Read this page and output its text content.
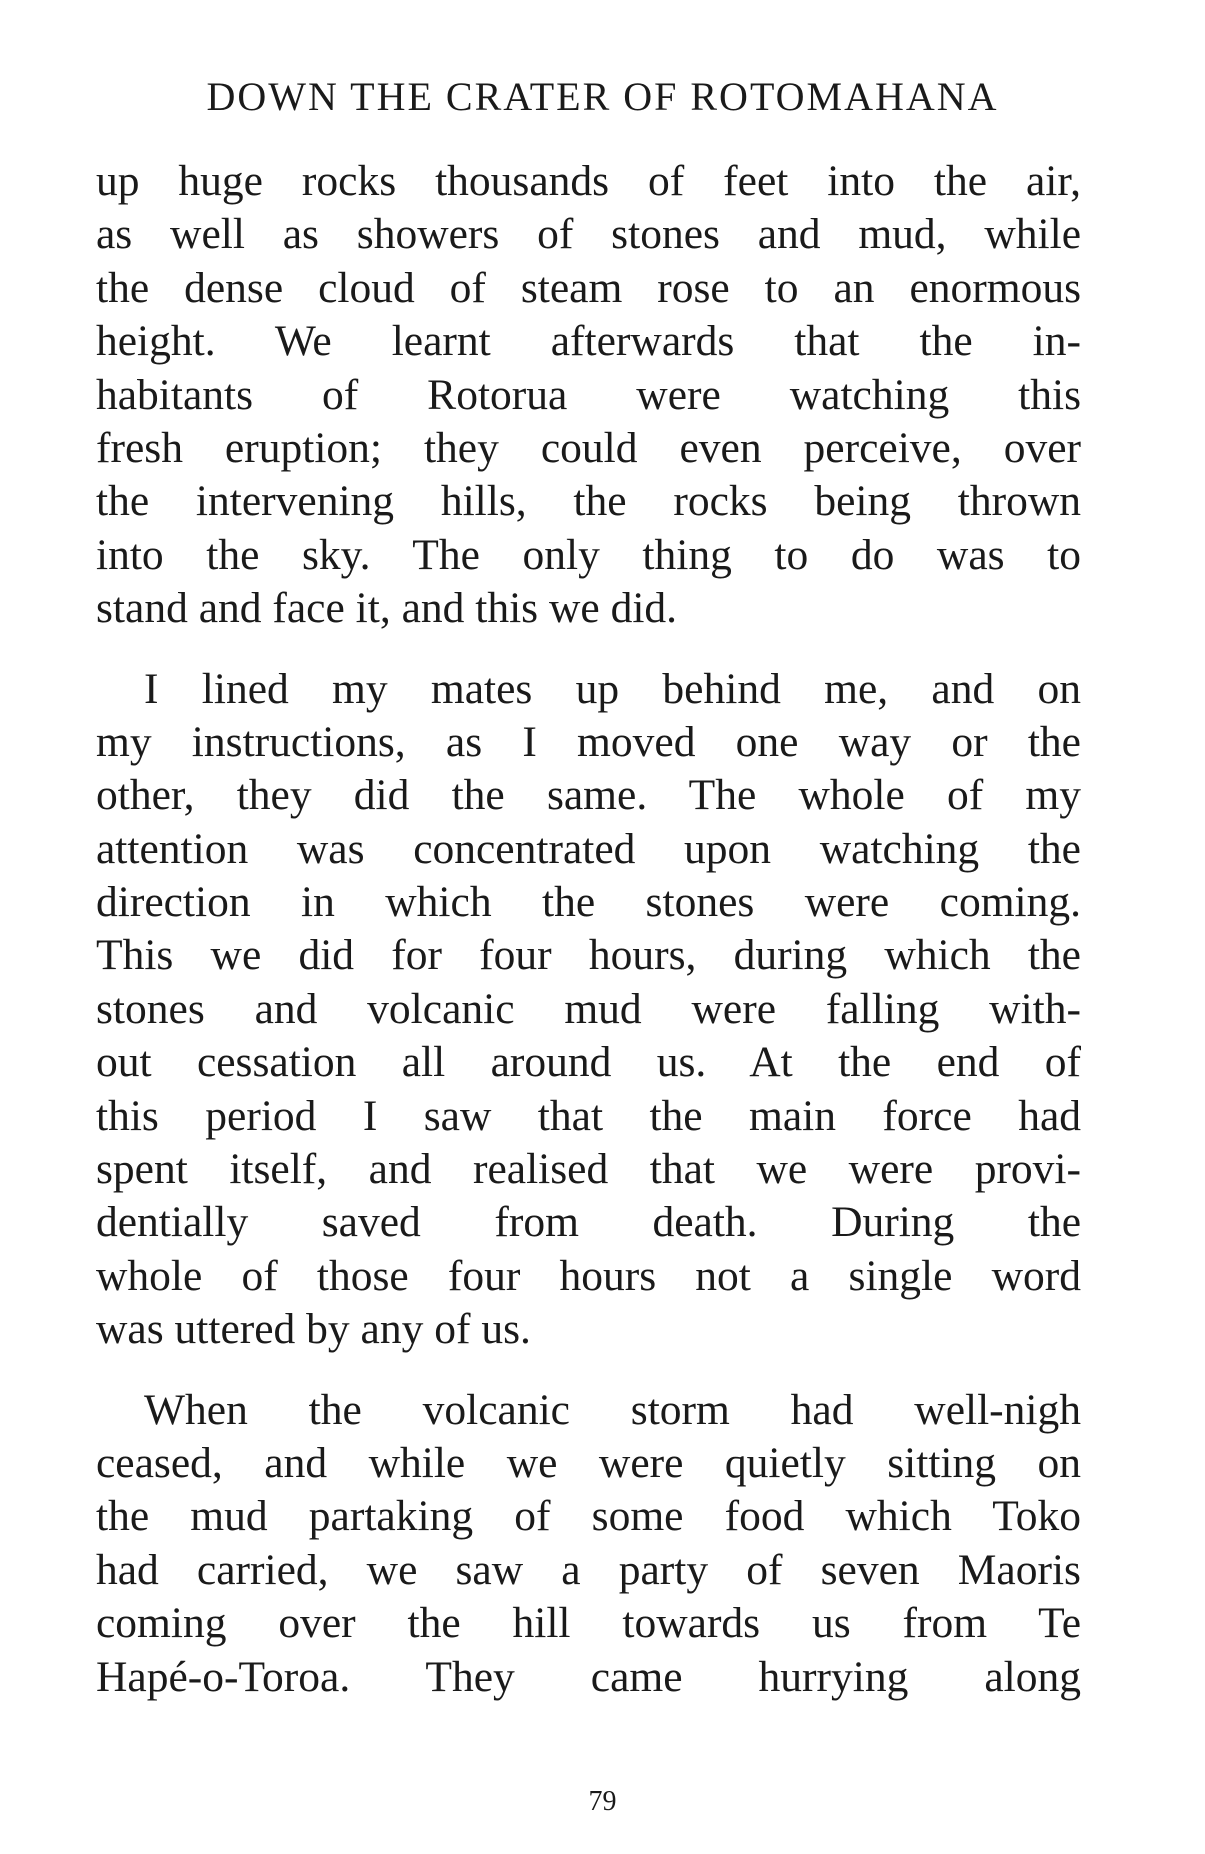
DOWN THE CRATER OF ROTOMAHANA
up huge rocks thousands of feet into the air,
as well as showers of stones and mud, while
the dense cloud of steam rose to an enormous
height. We learnt afterwards that the in-
habitants of Rotorua were watching this
fresh eruption; they could even perceive, over
the intervening hills, the rocks being thrown
into the sky. The only thing to do was to
stand and face it, and this we did.
I lined my mates up behind me, and on
my instructions, as I moved one way or the
other, they did the same. The whole of my
attention was concentrated upon watching the
direction in which the stones were coming.
This we did for four hours, during which the
stones and volcanic mud were falling with-
out cessation all around us. At the end of
this period I saw that the main force had
spent itself, and realised that we were provi-
dentially saved from death. During the
whole of those four hours not a single word
was uttered by any of us.
When the volcanic storm had well-nigh
ceased, and while we were quietly sitting on
the mud partaking of some food which Toko
had carried, we saw a party of seven Maoris
coming over the hill towards us from Te
Hapé-o-Toroa. They came hurrying along
79
